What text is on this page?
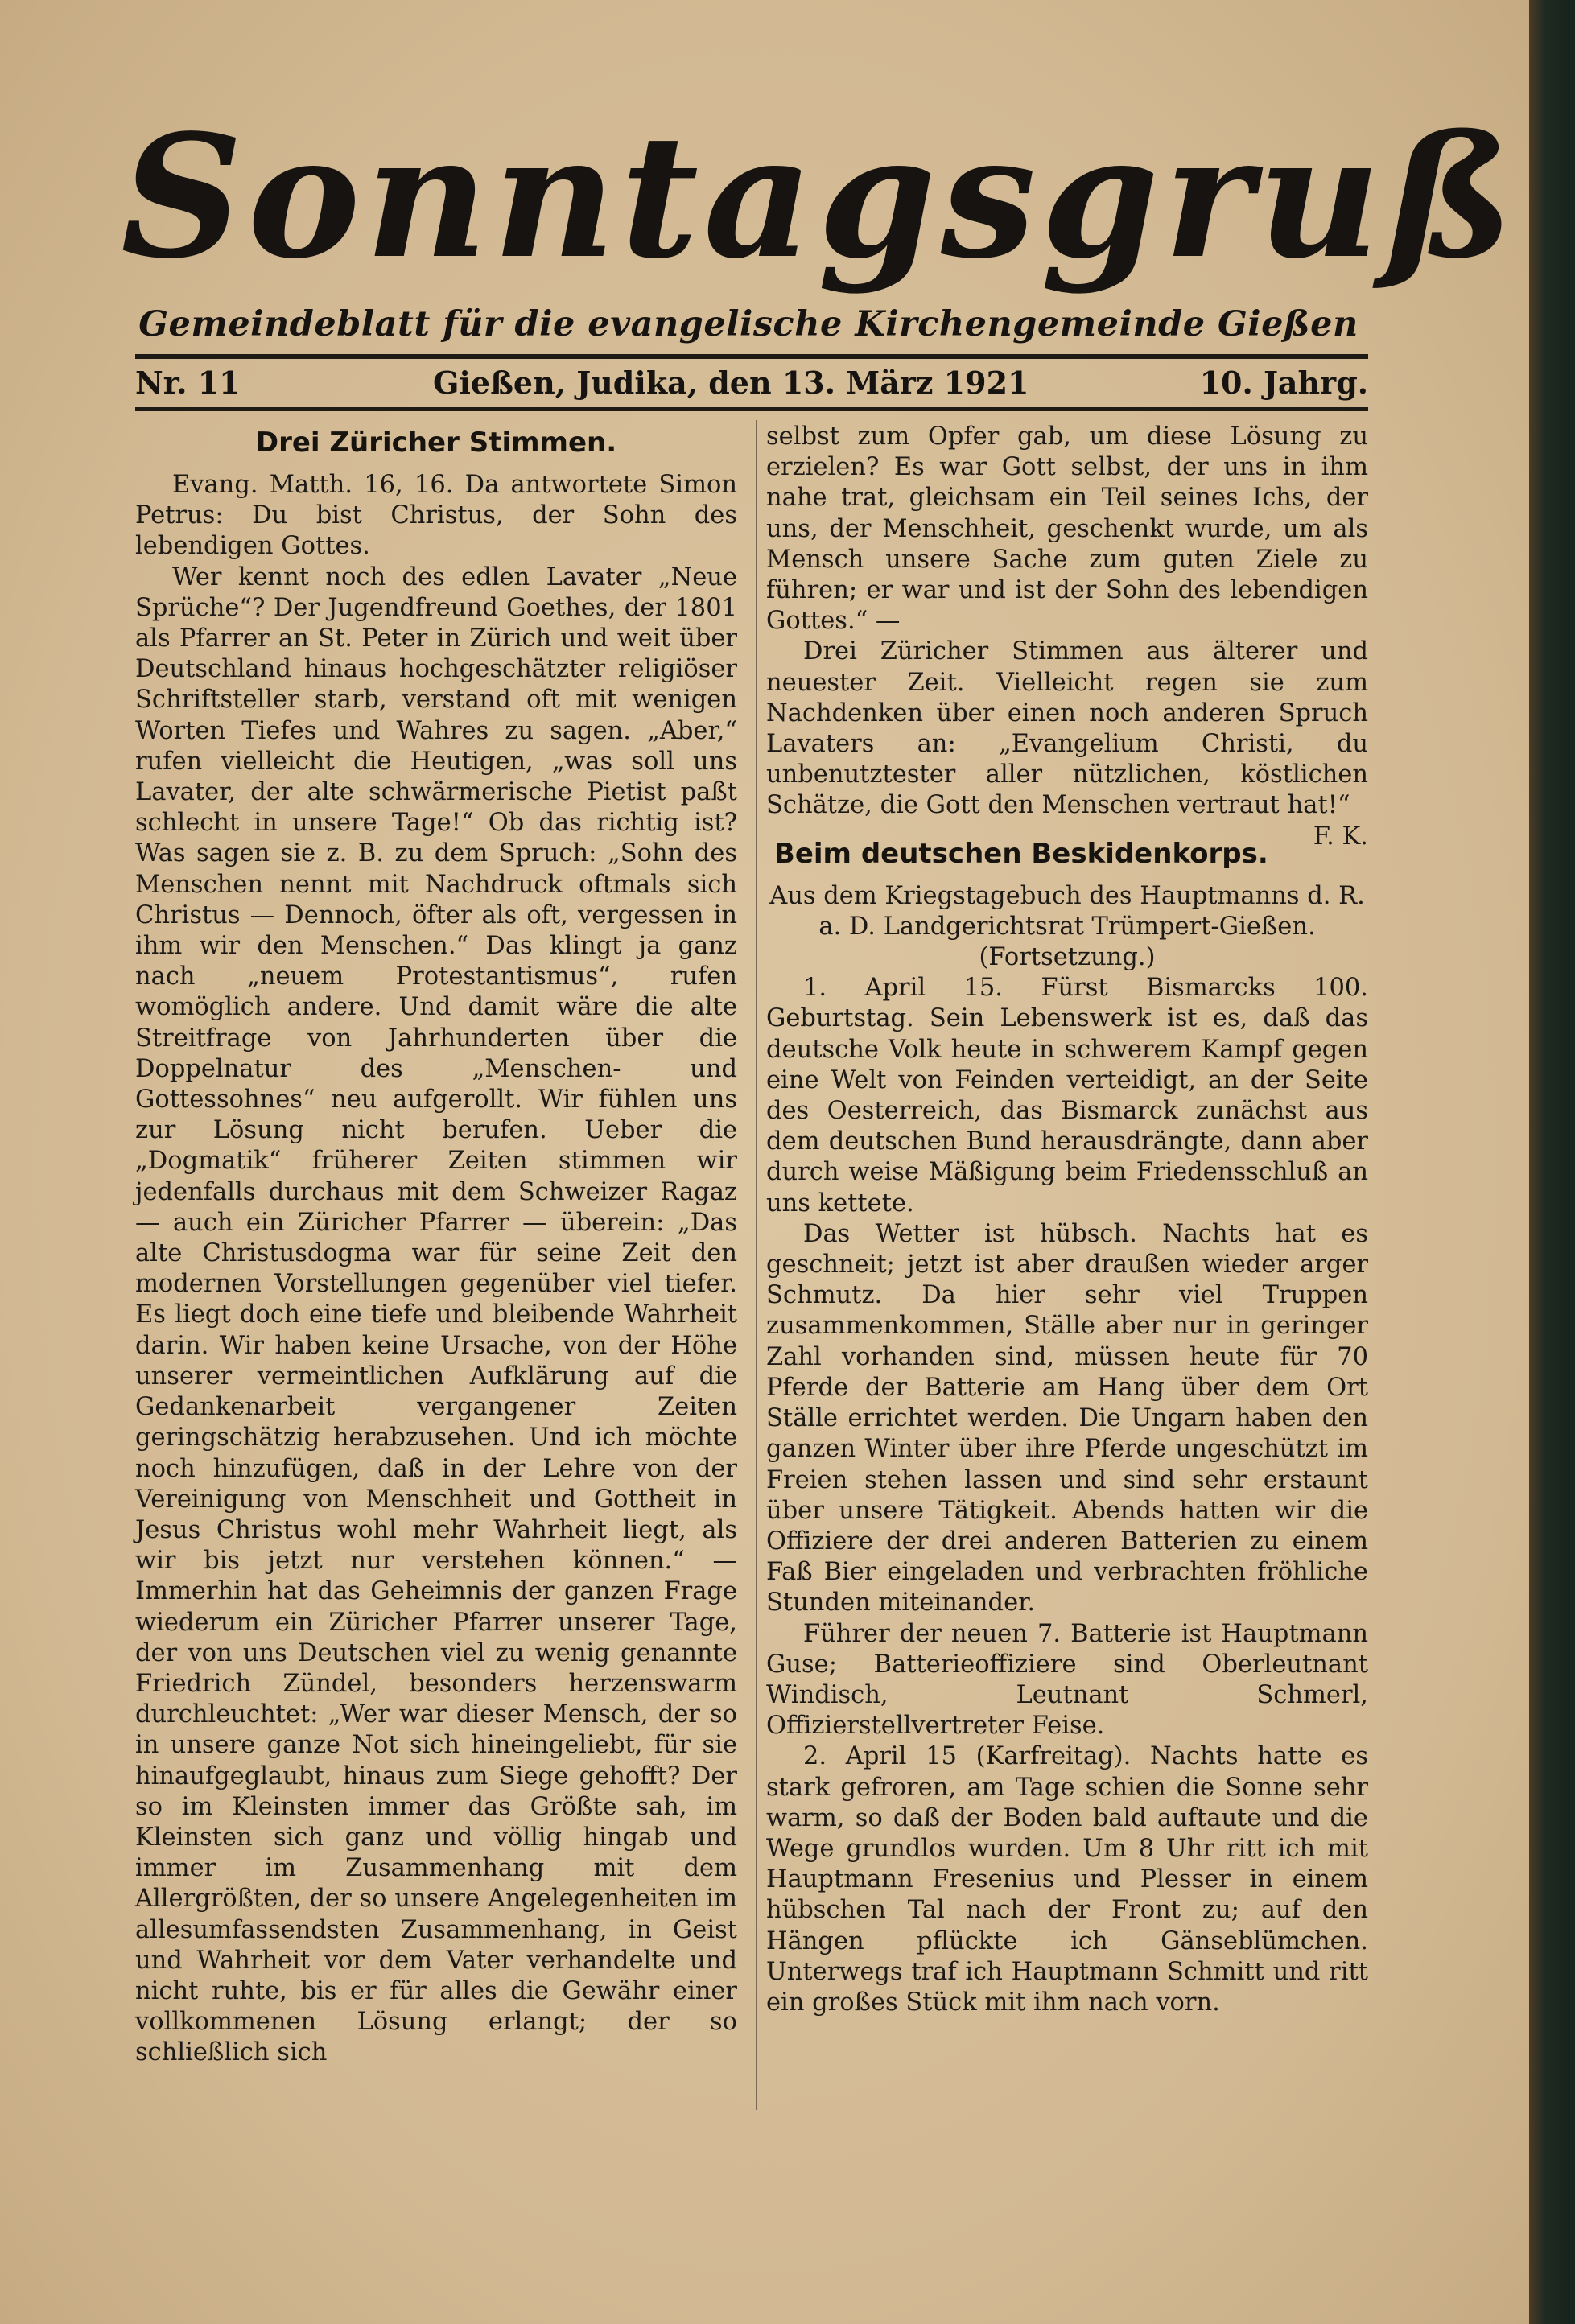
Sonntagsgruß
Gemeindeblatt für die evangelische Kirchengemeinde Gießen
Nr. 11	Gießen, Judika, den 13. März 1921	10. Jahrg.
Drei Züricher Stimmen.

Evang. Matth. 16, 16. Da antwortete Simon Petrus: Du bist Christus, der Sohn des lebendigen Gottes.

Wer kennt noch des edlen Lavater „Neue Sprüche“? Der Jugendfreund Goethes, der 1801 als Pfarrer an St. Peter in Zürich und weit über Deutschland hinaus hochgeschätzter religiöser Schriftsteller starb, verstand oft mit wenigen Worten Tiefes und Wahres zu sagen. „Aber,“ rufen vielleicht die Heutigen, „was soll uns Lavater, der alte schwärmerische Pietist paßt schlecht in unsere Tage!“ Ob das richtig ist? Was sagen sie z. B. zu dem Spruch: „Sohn des Menschen nennt mit Nachdruck oftmals sich Christus — Dennoch, öfter als oft, vergessen in ihm wir den Menschen.“ Das klingt ja ganz nach „neuem Protestantismus“, rufen womöglich andere. Und damit wäre die alte Streitfrage von Jahrhunderten über die Doppelnatur des „Menschen- und Gottessohnes“ neu aufgerollt. Wir fühlen uns zur Lösung nicht berufen. Ueber die „Dogmatik“ früherer Zeiten stimmen wir jedenfalls durchaus mit dem Schweizer Ragaz — auch ein Züricher Pfarrer — überein: „Das alte Christusdogma war für seine Zeit den modernen Vorstellungen gegenüber viel tiefer. Es liegt doch eine tiefe und bleibende Wahrheit darin. Wir haben keine Ursache, von der Höhe unserer vermeintlichen Aufklärung auf die Gedankenarbeit vergangener Zeiten geringschätzig herabzusehen. Und ich möchte noch hinzufügen, daß in der Lehre von der Vereinigung von Menschheit und Gottheit in Jesus Christus wohl mehr Wahrheit liegt, als wir bis jetzt nur verstehen können.“ — Immerhin hat das Geheimnis der ganzen Frage wiederum ein Züricher Pfarrer unserer Tage, der von uns Deutschen viel zu wenig genannte Friedrich Zündel, besonders herzenswarm durchleuchtet: „Wer war dieser Mensch, der so in unsere ganze Not sich hineingeliebt, für sie hinaufgeglaubt, hinaus zum Siege gehofft? Der so im Kleinsten immer das Größte sah, im Kleinsten sich ganz und völlig hingab und immer im Zusammenhang mit dem Allergrößten, der so unsere Angelegenheiten im allesumfassendsten Zusammenhang, in Geist und Wahrheit vor dem Vater verhandelte und nicht ruhte, bis er für alles die Gewähr einer vollkommenen Lösung erlangt; der so schließlich sich

selbst zum Opfer gab, um diese Lösung zu erzielen? Es war Gott selbst, der uns in ihm nahe trat, gleichsam ein Teil seines Ichs, der uns, der Menschheit, geschenkt wurde, um als Mensch unsere Sache zum guten Ziele zu führen; er war und ist der Sohn des lebendigen Gottes.“ —

Drei Züricher Stimmen aus älterer und neuester Zeit. Vielleicht regen sie zum Nachdenken über einen noch anderen Spruch Lavaters an: „Evangelium Christi, du unbenutztester aller nützlichen, köstlichen Schätze, die Gott den Menschen vertraut hat!“
F. K.

Beim deutschen Beskidenkorps.

Aus dem Kriegstagebuch des Hauptmanns d. R. a. D. Landgerichtsrat Trümpert-Gießen.

(Fortsetzung.)

1. April 15. Fürst Bismarcks 100. Geburtstag. Sein Lebenswerk ist es, daß das deutsche Volk heute in schwerem Kampf gegen eine Welt von Feinden verteidigt, an der Seite des Oesterreich, das Bismarck zunächst aus dem deutschen Bund herausdrängte, dann aber durch weise Mäßigung beim Friedensschluß an uns kettete.

Das Wetter ist hübsch. Nachts hat es geschneit; jetzt ist aber draußen wieder arger Schmutz. Da hier sehr viel Truppen zusammenkommen, Ställe aber nur in geringer Zahl vorhanden sind, müssen heute für 70 Pferde der Batterie am Hang über dem Ort Ställe errichtet werden. Die Ungarn haben den ganzen Winter über ihre Pferde ungeschützt im Freien stehen lassen und sind sehr erstaunt über unsere Tätigkeit. Abends hatten wir die Offiziere der drei anderen Batterien zu einem Faß Bier eingeladen und verbrachten fröhliche Stunden miteinander.

Führer der neuen 7. Batterie ist Hauptmann Guse; Batterieoffiziere sind Oberleutnant Windisch, Leutnant Schmerl, Offizierstellvertreter Feise.

2. April 15 (Karfreitag). Nachts hatte es stark gefroren, am Tage schien die Sonne sehr warm, so daß der Boden bald auftaute und die Wege grundlos wurden. Um 8 Uhr ritt ich mit Hauptmann Fresenius und Plesser in einem hübschen Tal nach der Front zu; auf den Hängen pflückte ich Gänseblümchen. Unterwegs traf ich Hauptmann Schmitt und ritt ein großes Stück mit ihm nach vorn.
